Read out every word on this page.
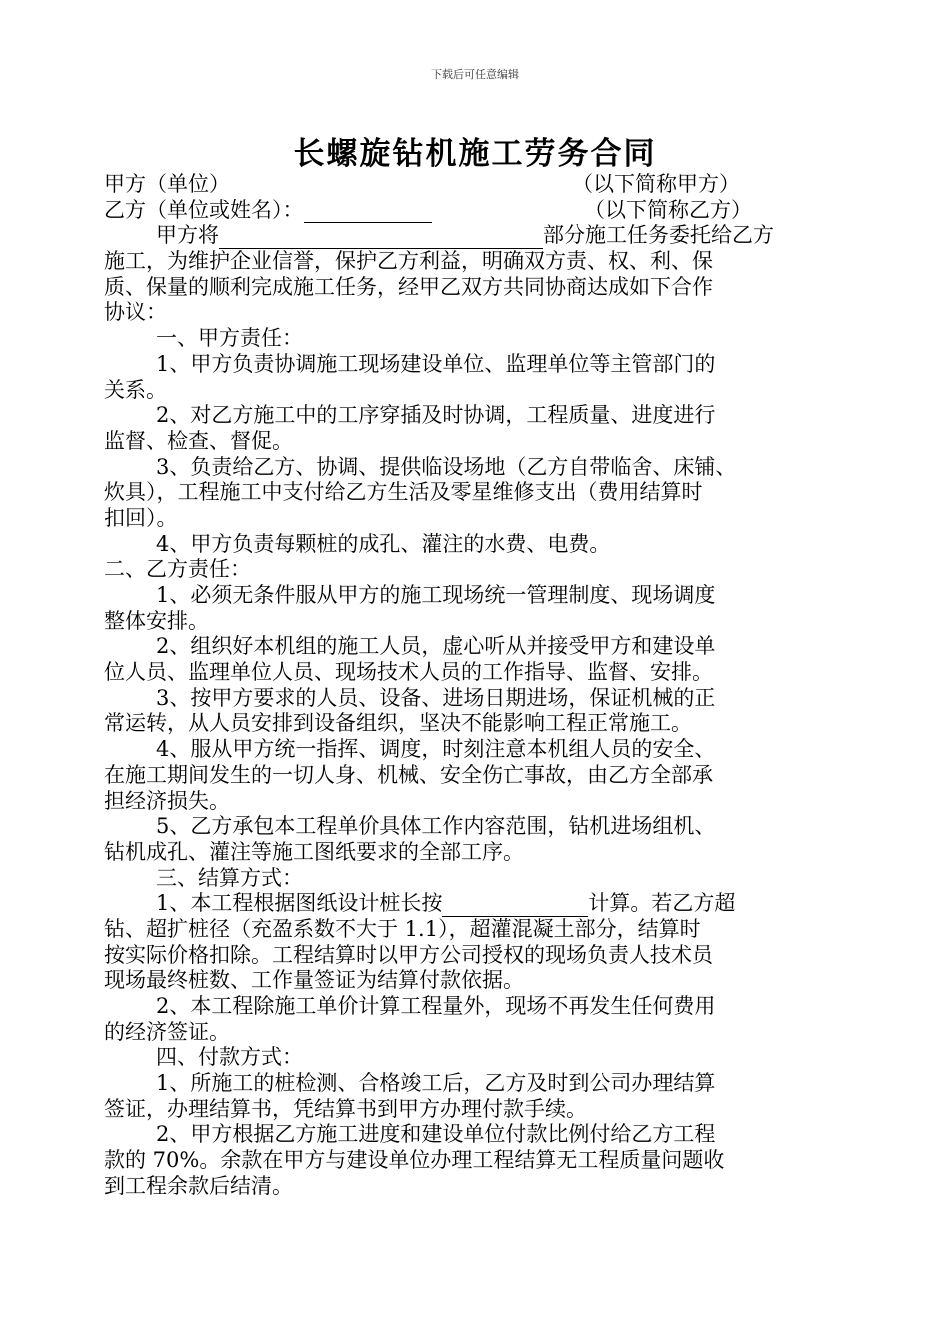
下载后可任意编辑
长螺旋钻机施工劳务合同
甲方（单位）	（以下简称甲方）
乙方（单位或姓名）：	（以下简称乙方）
甲方将	部分施工任务委托给乙方
施工，为维护企业信誉，保护乙方利益，明确双方责、权、利、保
质、保量的顺利完成施工任务，经甲乙双方共同协商达成如下合作
协议：
一、甲方责任：
1、甲方负责协调施工现场建设单位、监理单位等主管部门的
关系。
2、对乙方施工中的工序穿插及时协调，工程质量、进度进行
监督、检查、督促。
3、负责给乙方、协调、提供临设场地（乙方自带临舍、床铺、
炊具），工程施工中支付给乙方生活及零星维修支出（费用结算时
扣回）。
4、甲方负责每颗桩的成孔、灌注的水费、电费。
二、乙方责任：
1、必须无条件服从甲方的施工现场统一管理制度、现场调度
整体安排。
2、组织好本机组的施工人员，虚心听从并接受甲方和建设单
位人员、监理单位人员、现场技术人员的工作指导、监督、安排。
3、按甲方要求的人员、设备、进场日期进场，保证机械的正
常运转，从人员安排到设备组织，坚决不能影响工程正常施工。
4、服从甲方统一指挥、调度，时刻注意本机组人员的安全、
在施工期间发生的一切人身、机械、安全伤亡事故，由乙方全部承
担经济损失。
5、乙方承包本工程单价具体工作内容范围，钻机进场组机、
钻机成孔、灌注等施工图纸要求的全部工序。
三、结算方式：
1、本工程根据图纸设计桩长按	计算。若乙方超
钻、超扩桩径（充盈系数不大于 1.1），超灌混凝土部分，结算时
按实际价格扣除。工程结算时以甲方公司授权的现场负责人技术员
现场最终桩数、工作量签证为结算付款依据。
2、本工程除施工单价计算工程量外，现场不再发生任何费用
的经济签证。
四、付款方式：
1、所施工的桩检测、合格竣工后，乙方及时到公司办理结算
签证，办理结算书，凭结算书到甲方办理付款手续。
2、甲方根据乙方施工进度和建设单位付款比例付给乙方工程
款的 70%。余款在甲方与建设单位办理工程结算无工程质量问题收
到工程余款后结清。
